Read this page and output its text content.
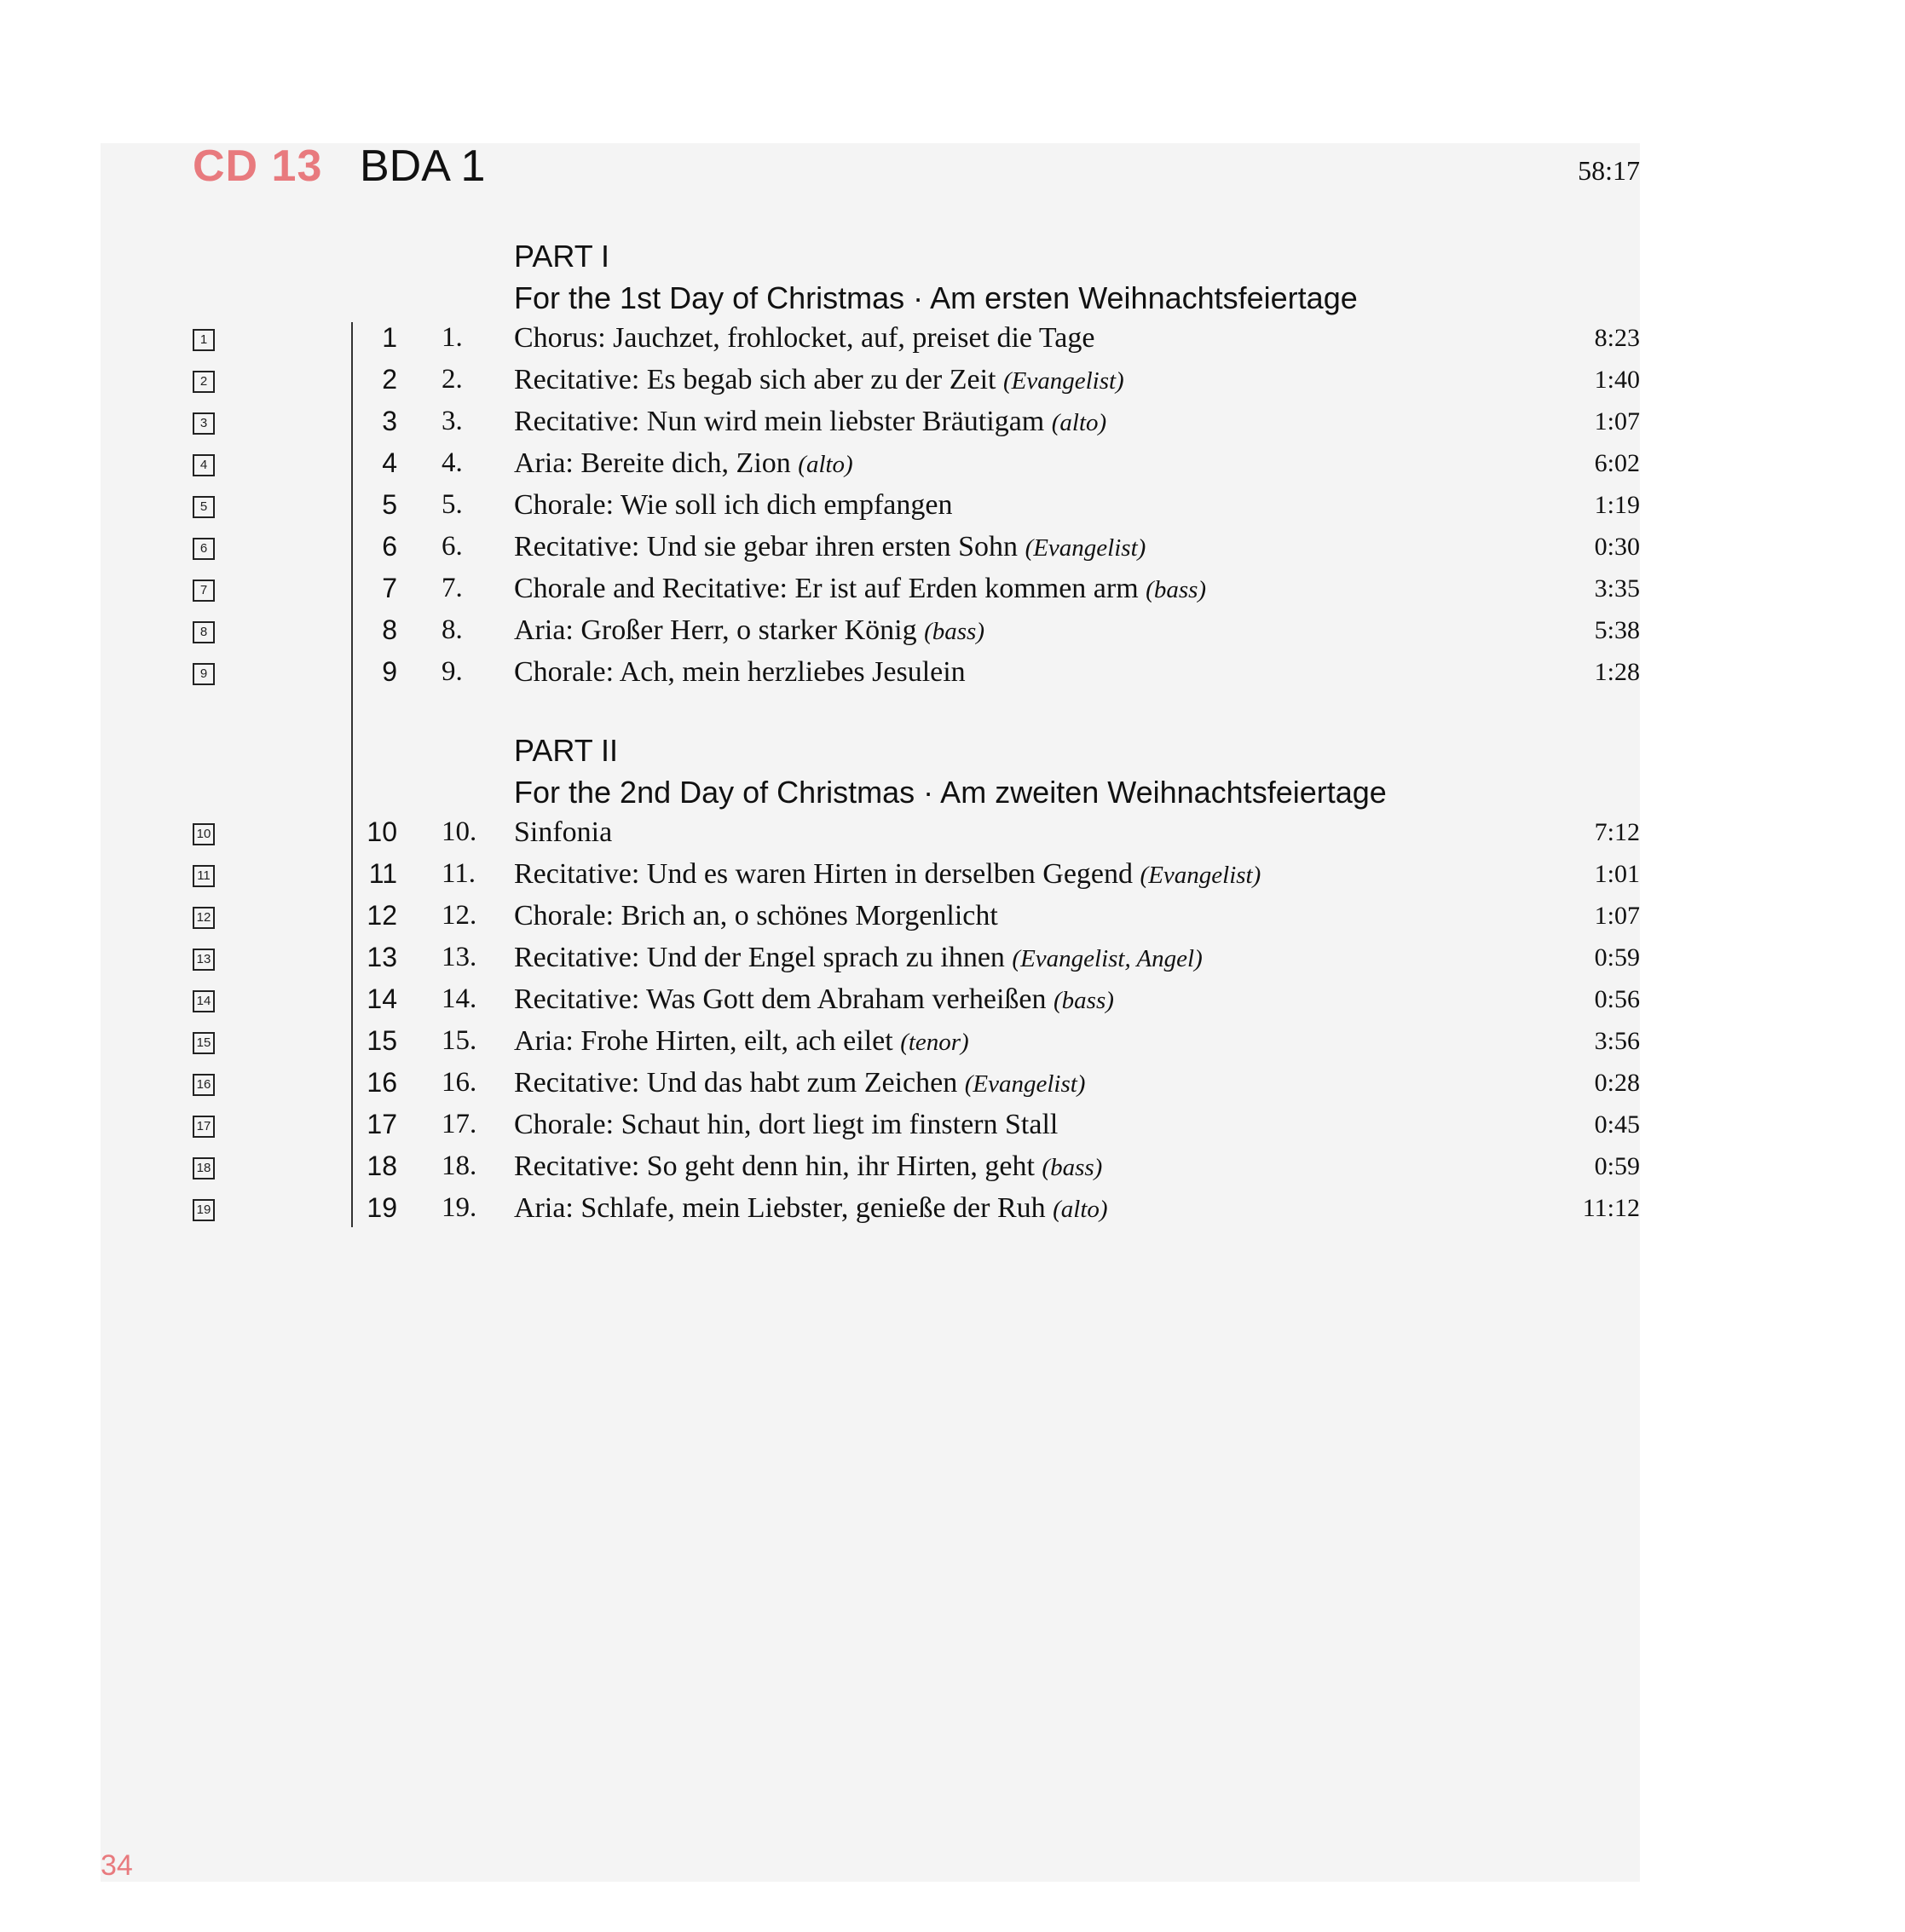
CD 13 BDA 1	58:17
PART I
For the 1st Day of Christmas · Am ersten Weihnachtsfeiertage
1	1 1. Chorus: Jauchzet, frohlocket, auf, preiset die Tage	8:23
2	2 2. Recitative: Es begab sich aber zu der Zeit (Evangelist)	1:40
3	3 3. Recitative: Nun wird mein liebster Bräutigam (alto)	1:07
4	4 4. Aria: Bereite dich, Zion (alto)	6:02
5	5 5. Chorale: Wie soll ich dich empfangen	1:19
6	6 6. Recitative: Und sie gebar ihren ersten Sohn (Evangelist)	0:30
7	7 7. Chorale and Recitative: Er ist auf Erden kommen arm (bass)	3:35
8	8 8. Aria: Großer Herr, o starker König (bass)	5:38
9	9 9. Chorale: Ach, mein herzliebes Jesulein	1:28
PART II
For the 2nd Day of Christmas · Am zweiten Weihnachtsfeiertage
10	10 10. Sinfonia	7:12
11	11 11. Recitative: Und es waren Hirten in derselben Gegend (Evangelist)	1:01
12	12 12. Chorale: Brich an, o schönes Morgenlicht	1:07
13	13 13. Recitative: Und der Engel sprach zu ihnen (Evangelist, Angel)	0:59
14	14 14. Recitative: Was Gott dem Abraham verheißen (bass)	0:56
15	15 15. Aria: Frohe Hirten, eilt, ach eilet (tenor)	3:56
16	16 16. Recitative: Und das habt zum Zeichen (Evangelist)	0:28
17	17 17. Chorale: Schaut hin, dort liegt im finstern Stall	0:45
18	18 18. Recitative: So geht denn hin, ihr Hirten, geht (bass)	0:59
19	19 19. Aria: Schlafe, mein Liebster, genieße der Ruh (alto)	11:12
34
